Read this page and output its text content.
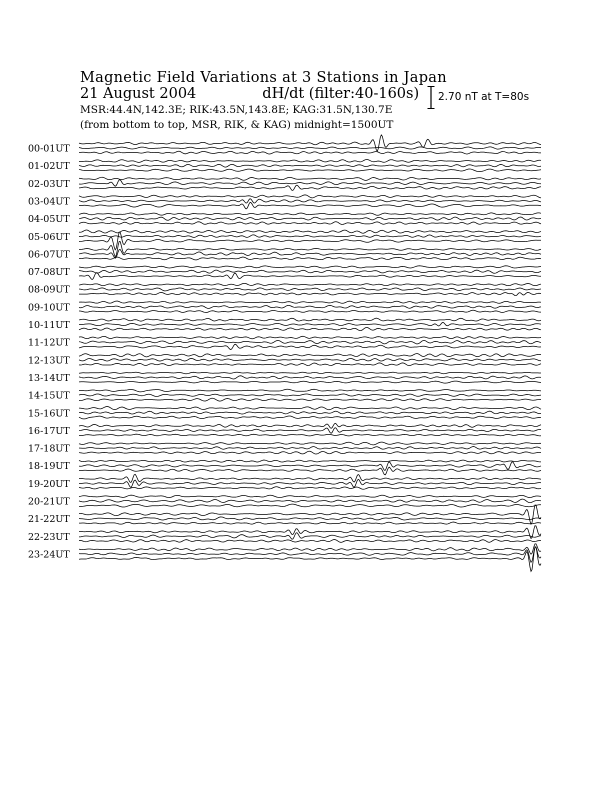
Magnetic Field Variations at 3 Stations in Japan
21 August 2004	dH/dt (filter:40-160s)
MSR:44.4N,142.3E; RIK:43.5N,143.8E; KAG:31.5N,130.7E
(from bottom to top, MSR, RIK, & KAG) midnight=1500UT
2.70 nT at T=80s
00-01UT
01-02UT
02-03UT
03-04UT
04-05UT
05-06UT
06-07UT
07-08UT
08-09UT
09-10UT
10-11UT
11-12UT
12-13UT
13-14UT
14-15UT
15-16UT
16-17UT
17-18UT
18-19UT
19-20UT
20-21UT
21-22UT
22-23UT
23-24UT
